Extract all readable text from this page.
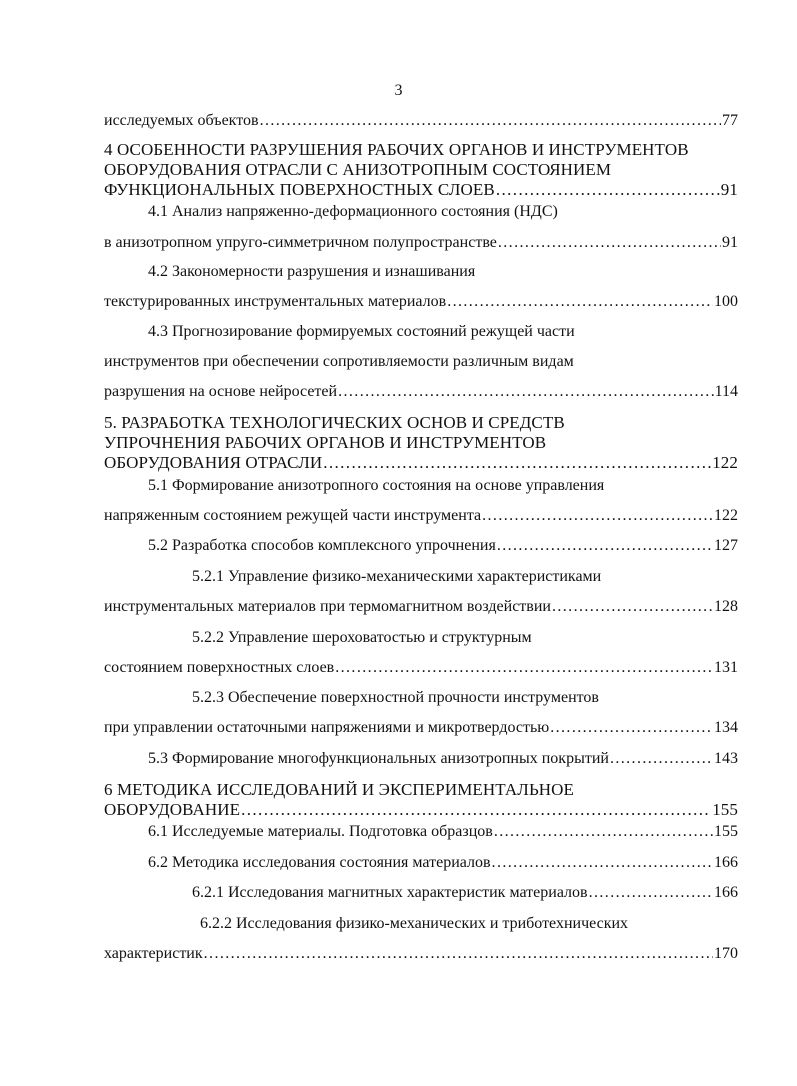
3
исследуемых объектов .....	77
4 ОСОБЕННОСТИ РАЗРУШЕНИЯ РАБОЧИХ ОРГАНОВ И ИНСТРУМЕНТОВ
ОБОРУДОВАНИЯ ОТРАСЛИ С АНИЗОТРОПНЫМ СОСТОЯНИЕМ
ФУНКЦИОНАЛЬНЫХ ПОВЕРХНОСТНЫХ СЛОЕВ .....	91
4.1 Анализ напряженно-деформационного состояния (НДС)
в анизотропном упруго-симметричном полупространстве .....	91
4.2 Закономерности разрушения и изнашивания
текстурированных инструментальных материалов .....	100
4.3 Прогнозирование формируемых состояний режущей части
инструментов при обеспечении сопротивляемости различным видам
разрушения на основе нейросетей .....	114
5. РАЗРАБОТКА ТЕХНОЛОГИЧЕСКИХ ОСНОВ И СРЕДСТВ
УПРОЧНЕНИЯ РАБОЧИХ ОРГАНОВ И ИНСТРУМЕНТОВ
ОБОРУДОВАНИЯ ОТРАСЛИ .....	122
5.1 Формирование анизотропного состояния на основе управления
напряженным состоянием режущей части инструмента .....	122
5.2 Разработка способов комплексного упрочнения .....	127
5.2.1 Управление физико-механическими характеристиками
инструментальных материалов при термомагнитном воздействии .....	128
5.2.2 Управление шероховатостью и структурным
состоянием поверхностных слоев .....	131
5.2.3 Обеспечение поверхностной прочности инструментов
при управлении остаточными напряжениями и микротвердостью .....	134
5.3 Формирование многофункциональных анизотропных покрытий .....	143
6 МЕТОДИКА ИССЛЕДОВАНИЙ И ЭКСПЕРИМЕНТАЛЬНОЕ
ОБОРУДОВАНИЕ .....	155
6.1 Исследуемые материалы. Подготовка образцов .....	155
6.2 Методика исследования состояния материалов .....	166
6.2.1 Исследования магнитных характеристик материалов .....	166
6.2.2 Исследования физико-механических и триботехнических
характеристик .....	170
